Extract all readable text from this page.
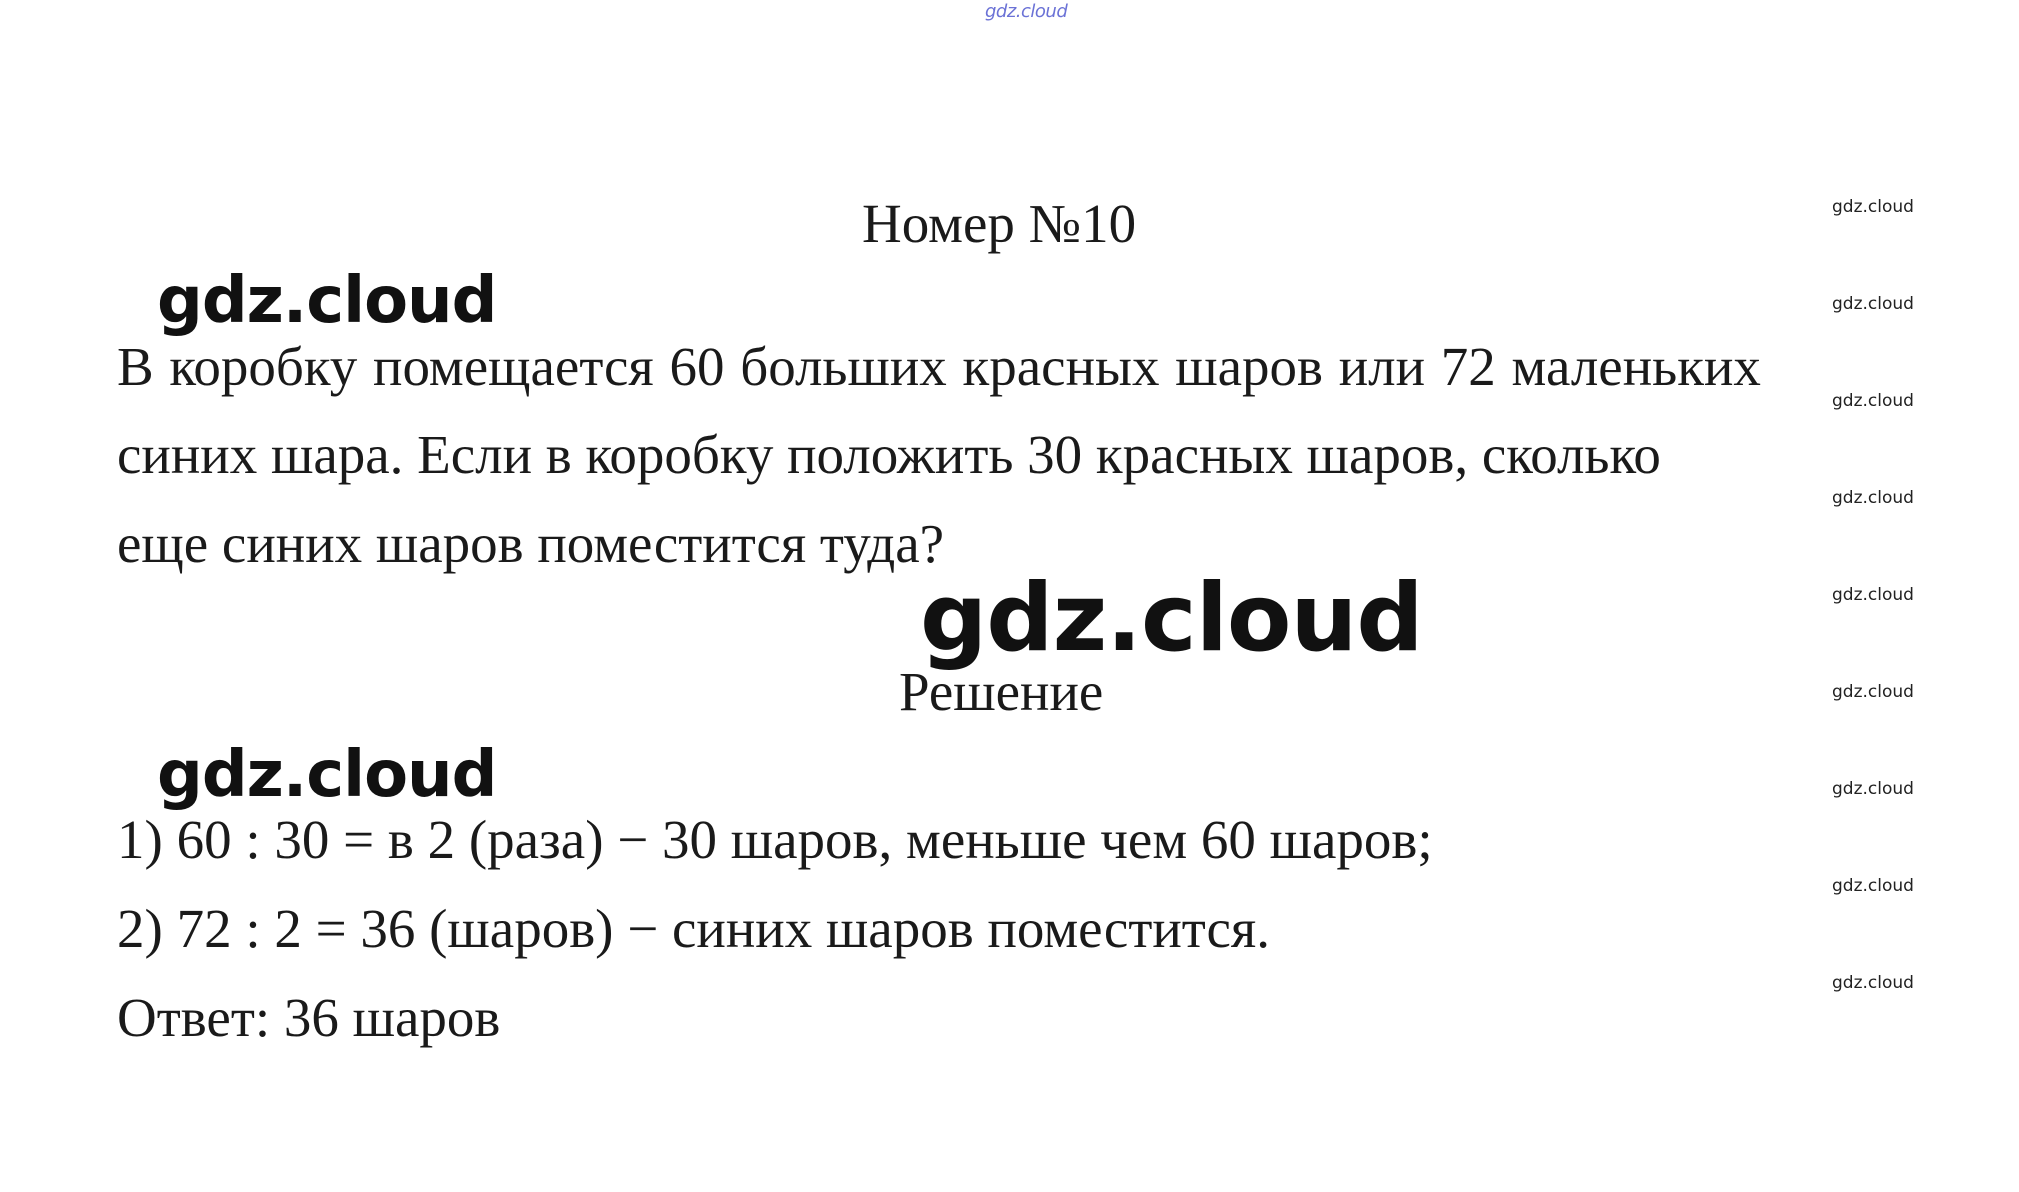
gdz.cloud
gdz.cloud
gdz.cloud
gdz.cloud
gdz.cloud
gdz.cloud
gdz.cloud
gdz.cloud
gdz.cloud
gdz.cloud
Номер №10
gdz.cloud
В коробку помещается 60 больших красных шаров или 72 маленьких
синих шара. Если в коробку положить 30 красных шаров, сколько
еще синих шаров поместится туда?
gdz.cloud
Решение
gdz.cloud
1) 60 : 30 = в 2 (раза) − 30 шаров, меньше чем 60 шаров;
2) 72 : 2 = 36 (шаров) − синих шаров поместится.
Ответ: 36 шаров
